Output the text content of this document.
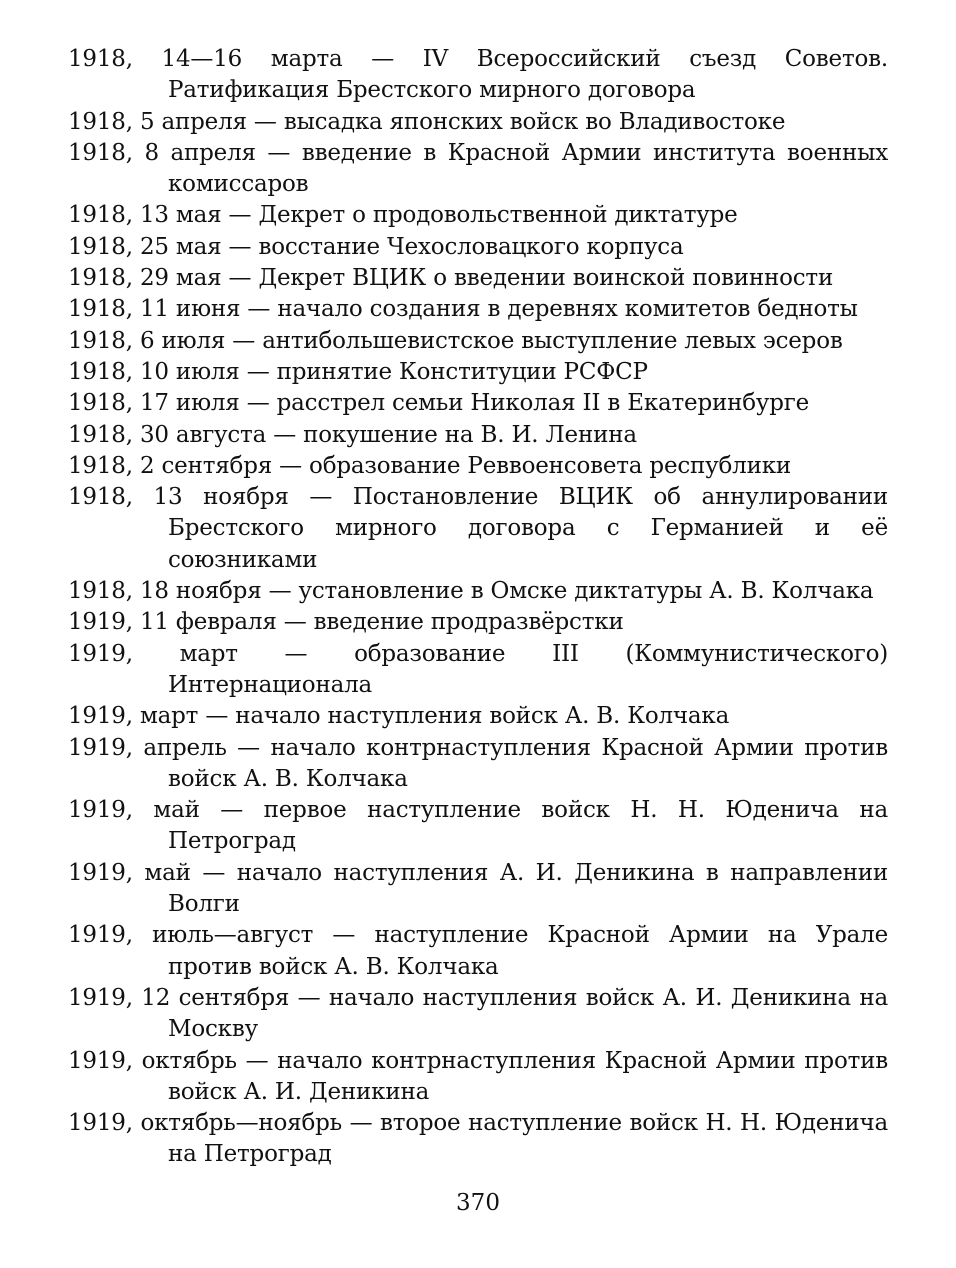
1918, 14—16 марта — IV Всероссийский съезд Советов. Ратификация Брестского мирного договора
1918, 5 апреля — высадка японских войск во Владивостоке
1918, 8 апреля — введение в Красной Армии института военных комиссаров
1918, 13 мая — Декрет о продовольственной диктатуре
1918, 25 мая — восстание Чехословацкого корпуса
1918, 29 мая — Декрет ВЦИК о введении воинской повинности
1918, 11 июня — начало создания в деревнях комитетов бедноты
1918, 6 июля — антибольшевистское выступление левых эсеров
1918, 10 июля — принятие Конституции РСФСР
1918, 17 июля — расстрел семьи Николая II в Екатеринбурге
1918, 30 августа — покушение на В. И. Ленина
1918, 2 сентября — образование Реввоенсовета республики
1918, 13 ноября — Постановление ВЦИК об аннулировании Брестского мирного договора с Германией и её союзниками
1918, 18 ноября — установление в Омске диктатуры А. В. Колчака
1919, 11 февраля — введение продразвёрстки
1919, март — образование III (Коммунистического) Интернационала
1919, март — начало наступления войск А. В. Колчака
1919, апрель — начало контрнаступления Красной Армии против войск А. В. Колчака
1919, май — первое наступление войск Н. Н. Юденича на Петроград
1919, май — начало наступления А. И. Деникина в направлении Волги
1919, июль—август — наступление Красной Армии на Урале против войск А. В. Колчака
1919, 12 сентября — начало наступления войск А. И. Деникина на Москву
1919, октябрь — начало контрнаступления Красной Армии против войск А. И. Деникина
1919, октябрь—ноябрь — второе наступление войск Н. Н. Юденича на Петроград
370
